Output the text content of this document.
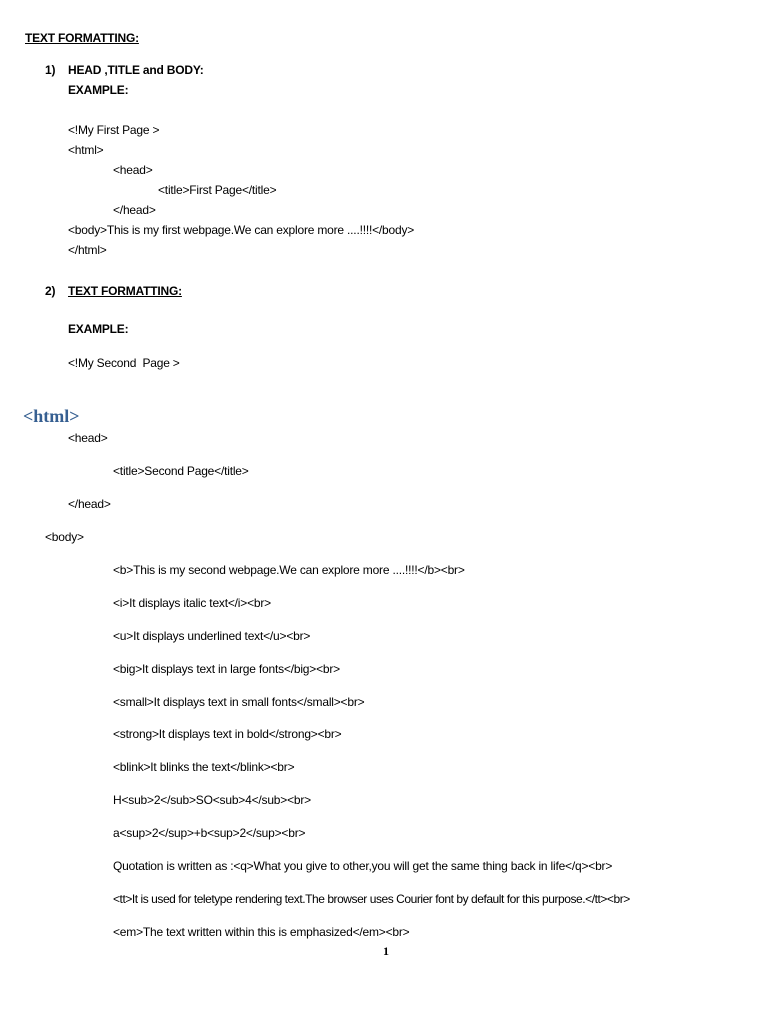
TEXT FORMATTING:
1) HEAD ,TITLE and BODY:
EXAMPLE:
<!My First Page >
<html>
<head>
<title>First Page</title>
</head>
<body>This is my first webpage.We can explore more ....!!!!</body>
</html>
2) TEXT FORMATTING:
EXAMPLE:
<!My Second  Page >
<html>
<head>
<title>Second Page</title>
</head>
<body>
<b>This is my second webpage.We can explore more ....!!!!</b><br>
<i>It displays italic text</i><br>
<u>It displays underlined text</u><br>
<big>It displays text in large fonts</big><br>
<small>It displays text in small fonts</small><br>
<strong>It displays text in bold</strong><br>
<blink>It blinks the text</blink><br>
H<sub>2</sub>SO<sub>4</sub><br>
a<sup>2</sup>+b<sup>2</sup><br>
Quotation is written as :<q>What you give to other,you will get the same thing back in life</q><br>
<tt>It is used for teletype rendering text.The browser uses Courier font by default for this purpose.</tt><br>
<em>The text written within this is emphasized</em><br>
1
